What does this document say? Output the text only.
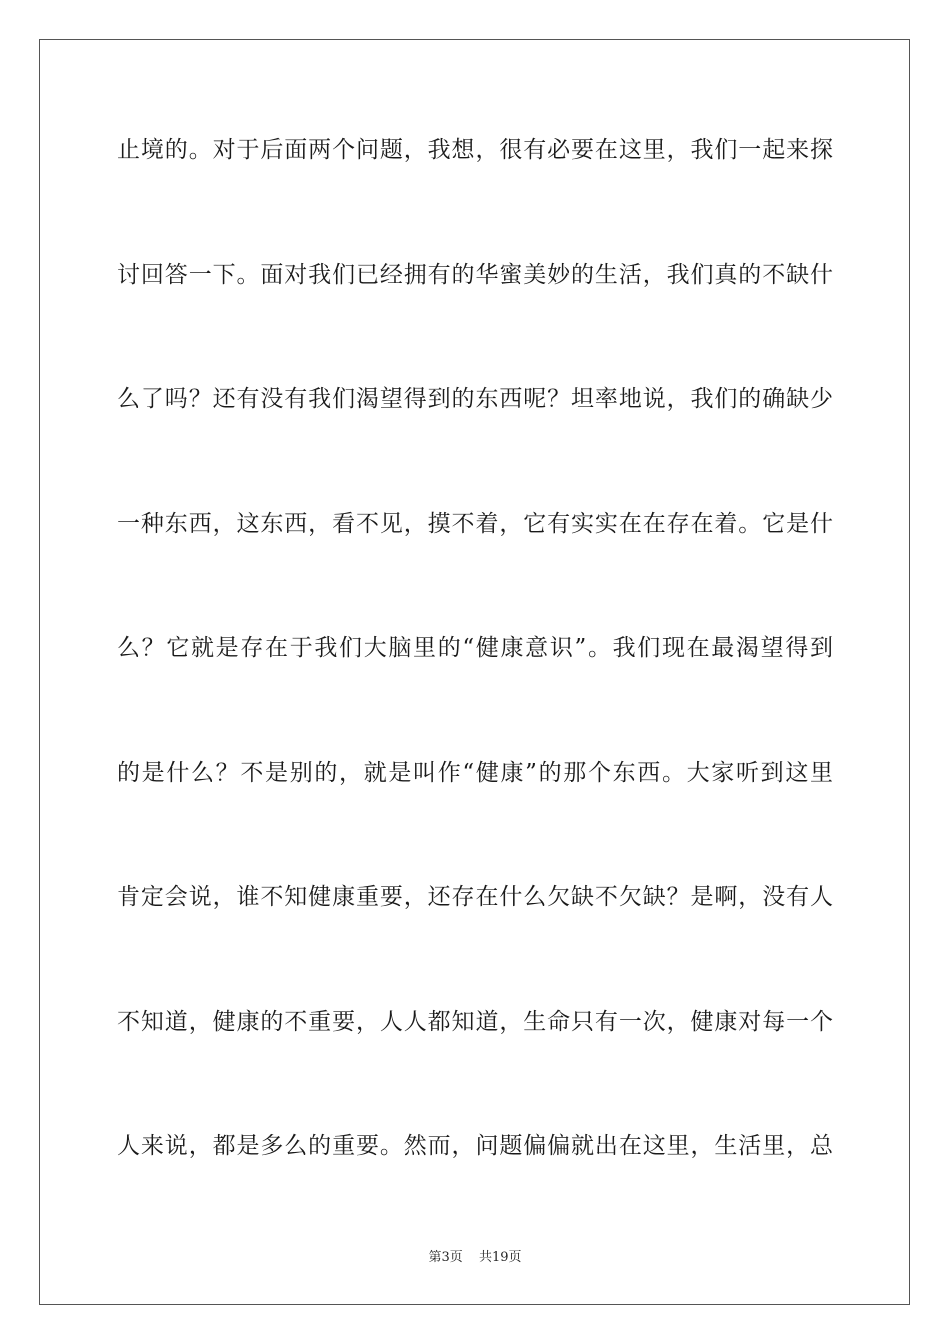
止境的。对于后面两个问题，我想，很有必要在这里，我们一起来探
讨回答一下。面对我们已经拥有的华蜜美妙的生活，我们真的不缺什
么了吗？还有没有我们渴望得到的东西呢？坦率地说，我们的确缺少
一种东西，这东西，看不见，摸不着，它有实实在在存在着。它是什
么？它就是存在于我们大脑里的“健康意识”。我们现在最渴望得到
的是什么？不是别的，就是叫作“健康”的那个东西。大家听到这里
肯定会说，谁不知健康重要，还存在什么欠缺不欠缺？是啊，没有人
不知道，健康的不重要，人人都知道，生命只有一次，健康对每一个
人来说，都是多么的重要。然而，问题偏偏就出在这里，生活里，总
第3页 共19页
